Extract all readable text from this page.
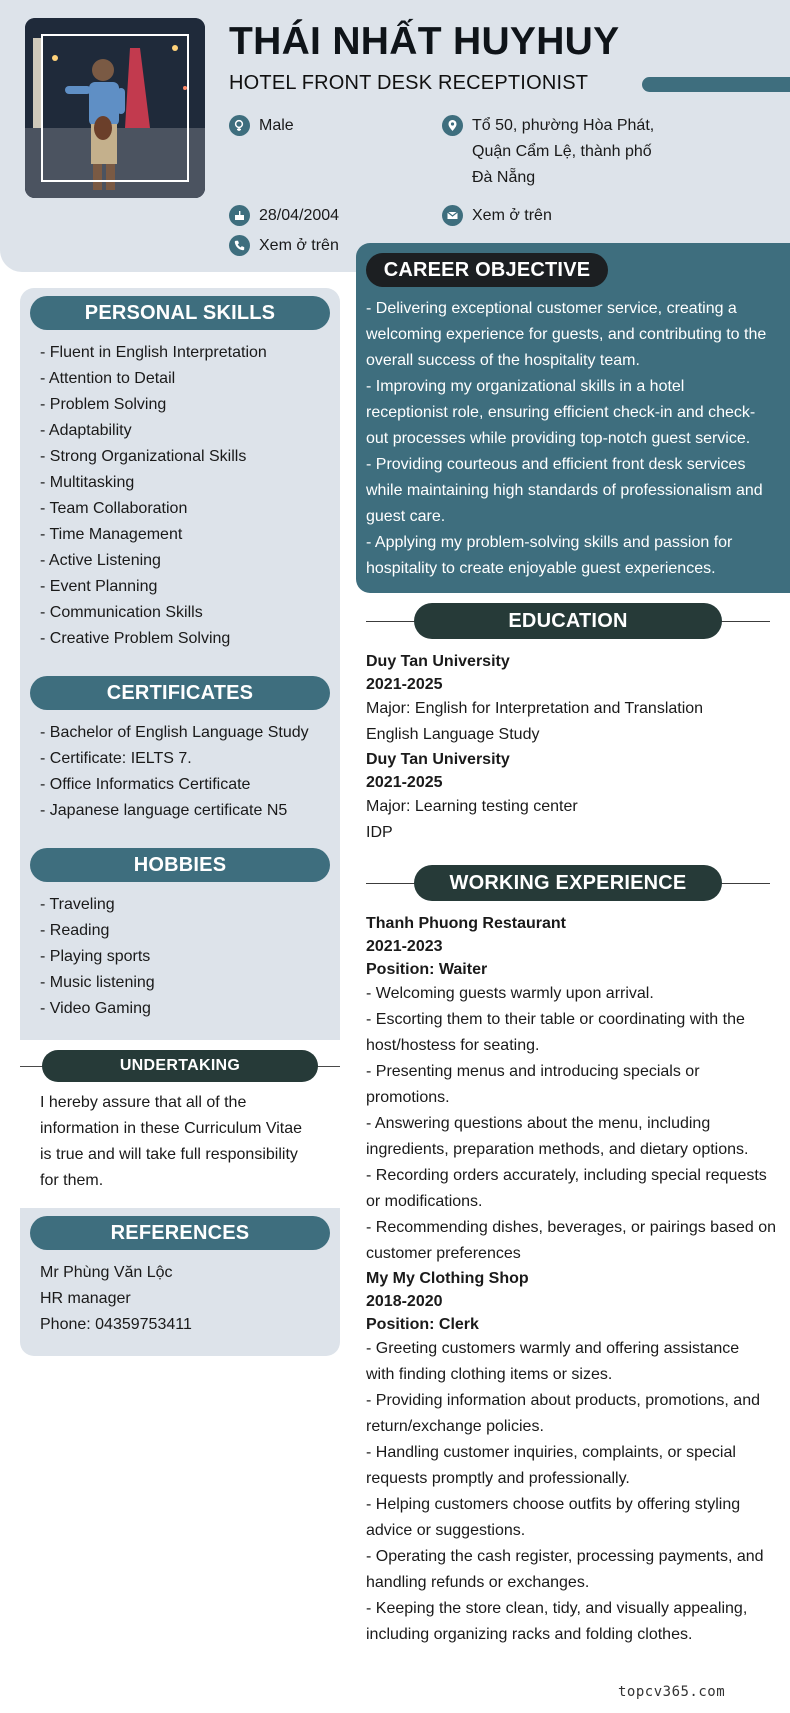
THÁI NHẤT HUYHUY
HOTEL FRONT DESK RECEPTIONIST
Male	Tổ 50, phường Hòa Phát,
Quận Cẩm Lệ, thành phố
Đà Nẵng
28/04/2004	Xem ở trên
Xem ở trên
PERSONAL SKILLS
- Fluent in English Interpretation
- Attention to Detail
- Problem Solving
- Adaptability
- Strong Organizational Skills
- Multitasking
- Team Collaboration
- Time Management
- Active Listening
- Event Planning
- Communication Skills
- Creative Problem Solving
CERTIFICATES
- Bachelor of English Language Study
- Certificate: IELTS 7.
- Office Informatics Certificate
- Japanese language certificate N5
HOBBIES
- Traveling
- Reading
- Playing sports
- Music listening
- Video Gaming
UNDERTAKING
I hereby assure that all of the
information in these Curriculum Vitae
is true and will take full responsibility
for them.
REFERENCES
Mr Phùng Văn Lộc
HR manager
Phone: 04359753411
CAREER OBJECTIVE
- Delivering exceptional customer service, creating a
welcoming experience for guests, and contributing to the
overall success of the hospitality team.
- Improving my organizational skills in a hotel
receptionist role, ensuring efficient check-in and check-
out processes while providing top-notch guest service.
- Providing courteous and efficient front desk services
while maintaining high standards of professionalism and
guest care.
- Applying my problem-solving skills and passion for
hospitality to create enjoyable guest experiences.
EDUCATION
Duy Tan University
2021-2025
Major: English for Interpretation and Translation
English Language Study
Duy Tan University
2021-2025
Major: Learning testing center
IDP
WORKING EXPERIENCE
Thanh Phuong Restaurant
2021-2023
Position: Waiter
- Welcoming guests warmly upon arrival.
- Escorting them to their table or coordinating with the
host/hostess for seating.
- Presenting menus and introducing specials or
promotions.
- Answering questions about the menu, including
ingredients, preparation methods, and dietary options.
- Recording orders accurately, including special requests
or modifications.
- Recommending dishes, beverages, or pairings based on
customer preferences
My My Clothing Shop
2018-2020
Position: Clerk
- Greeting customers warmly and offering assistance
with finding clothing items or sizes.
- Providing information about products, promotions, and
return/exchange policies.
- Handling customer inquiries, complaints, or special
requests promptly and professionally.
- Helping customers choose outfits by offering styling
advice or suggestions.
- Operating the cash register, processing payments, and
handling refunds or exchanges.
- Keeping the store clean, tidy, and visually appealing,
including organizing racks and folding clothes.
topcv365.com
